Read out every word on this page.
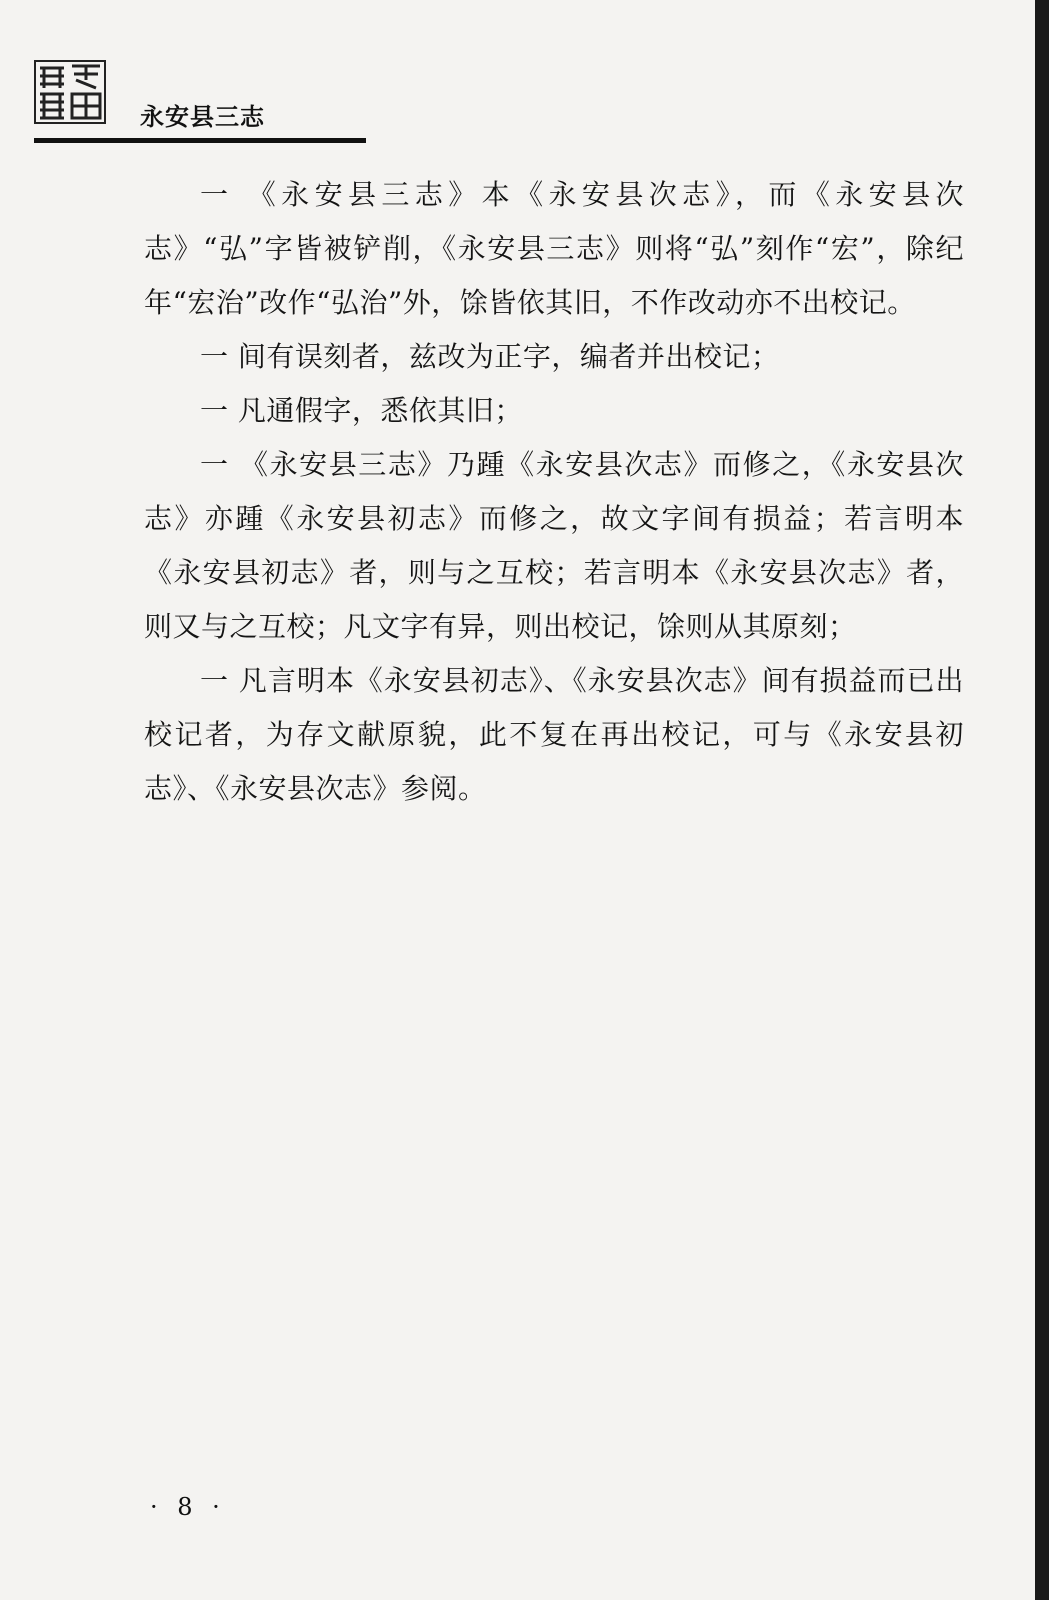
永安县三志

一 《永安县三志》本《永安县次志》，而《永安县次志》“弘”字皆被铲削，《永安县三志》则将“弘”刻作“宏”，除纪年“宏治”改作“弘治”外，馀皆依其旧，不作改动亦不出校记。

一 间有误刻者，兹改为正字，编者并出校记；

一 凡通假字，悉依其旧；

一 《永安县三志》乃踵《永安县次志》而修之，《永安县次志》亦踵《永安县初志》而修之，故文字间有损益；若言明本《永安县初志》者，则与之互校；若言明本《永安县次志》者，则又与之互校；凡文字有异，则出校记，馀则从其原刻；

一 凡言明本《永安县初志》、《永安县次志》间有损益而已出校记者，为存文献原貌，此不复在再出校记，可与《永安县初志》、《永安县次志》参阅。

· 8 ·
